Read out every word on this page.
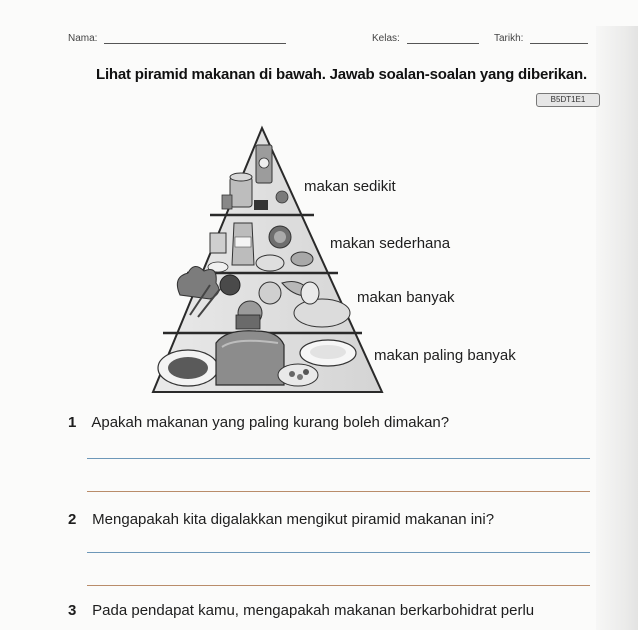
Nama:	Kelas:	Tarikh:
Lihat piramid makanan di bawah. Jawab soalan-soalan yang diberikan.
B5DT1E1
makan sedikit
makan sederhana
makan banyak
makan paling banyak
1 Apakah makanan yang paling kurang boleh dimakan?
2 Mengapakah kita digalakkan mengikut piramid makanan ini?
3 Pada pendapat kamu, mengapakah makanan berkarbohidrat perlu
